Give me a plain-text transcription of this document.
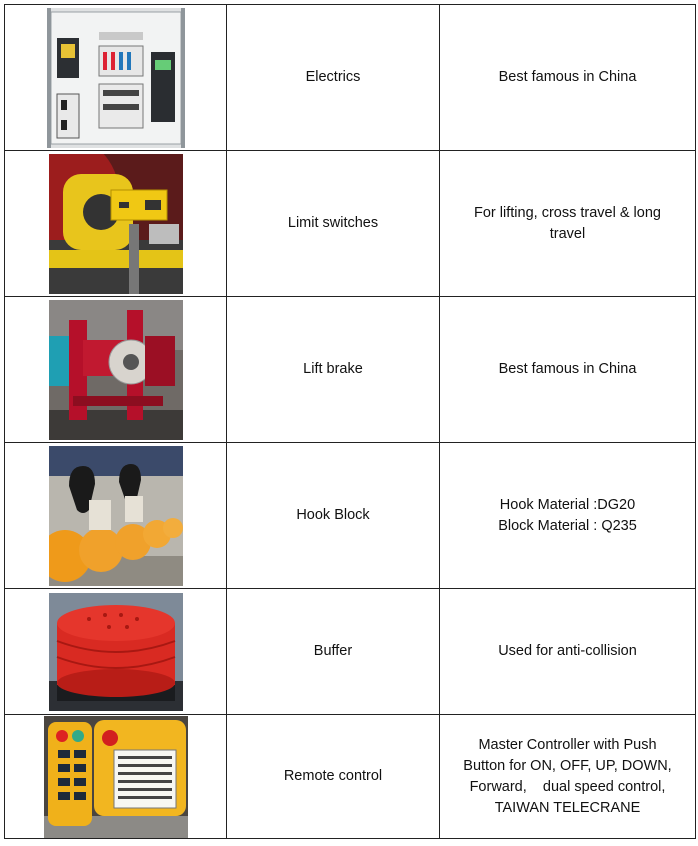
	Electrics	Best famous in China

	Limit switches	For lifting, cross travel & long
travel

	Lift brake	Best famous in China

	Hook Block	Hook Material :DG20
Block Material : Q235

	Buffer	Used for anti-collision

	Remote control	Master Controller with Push
Button for ON, OFF, UP, DOWN,
Forward,    dual speed control,
TAIWAN TELECRANE
